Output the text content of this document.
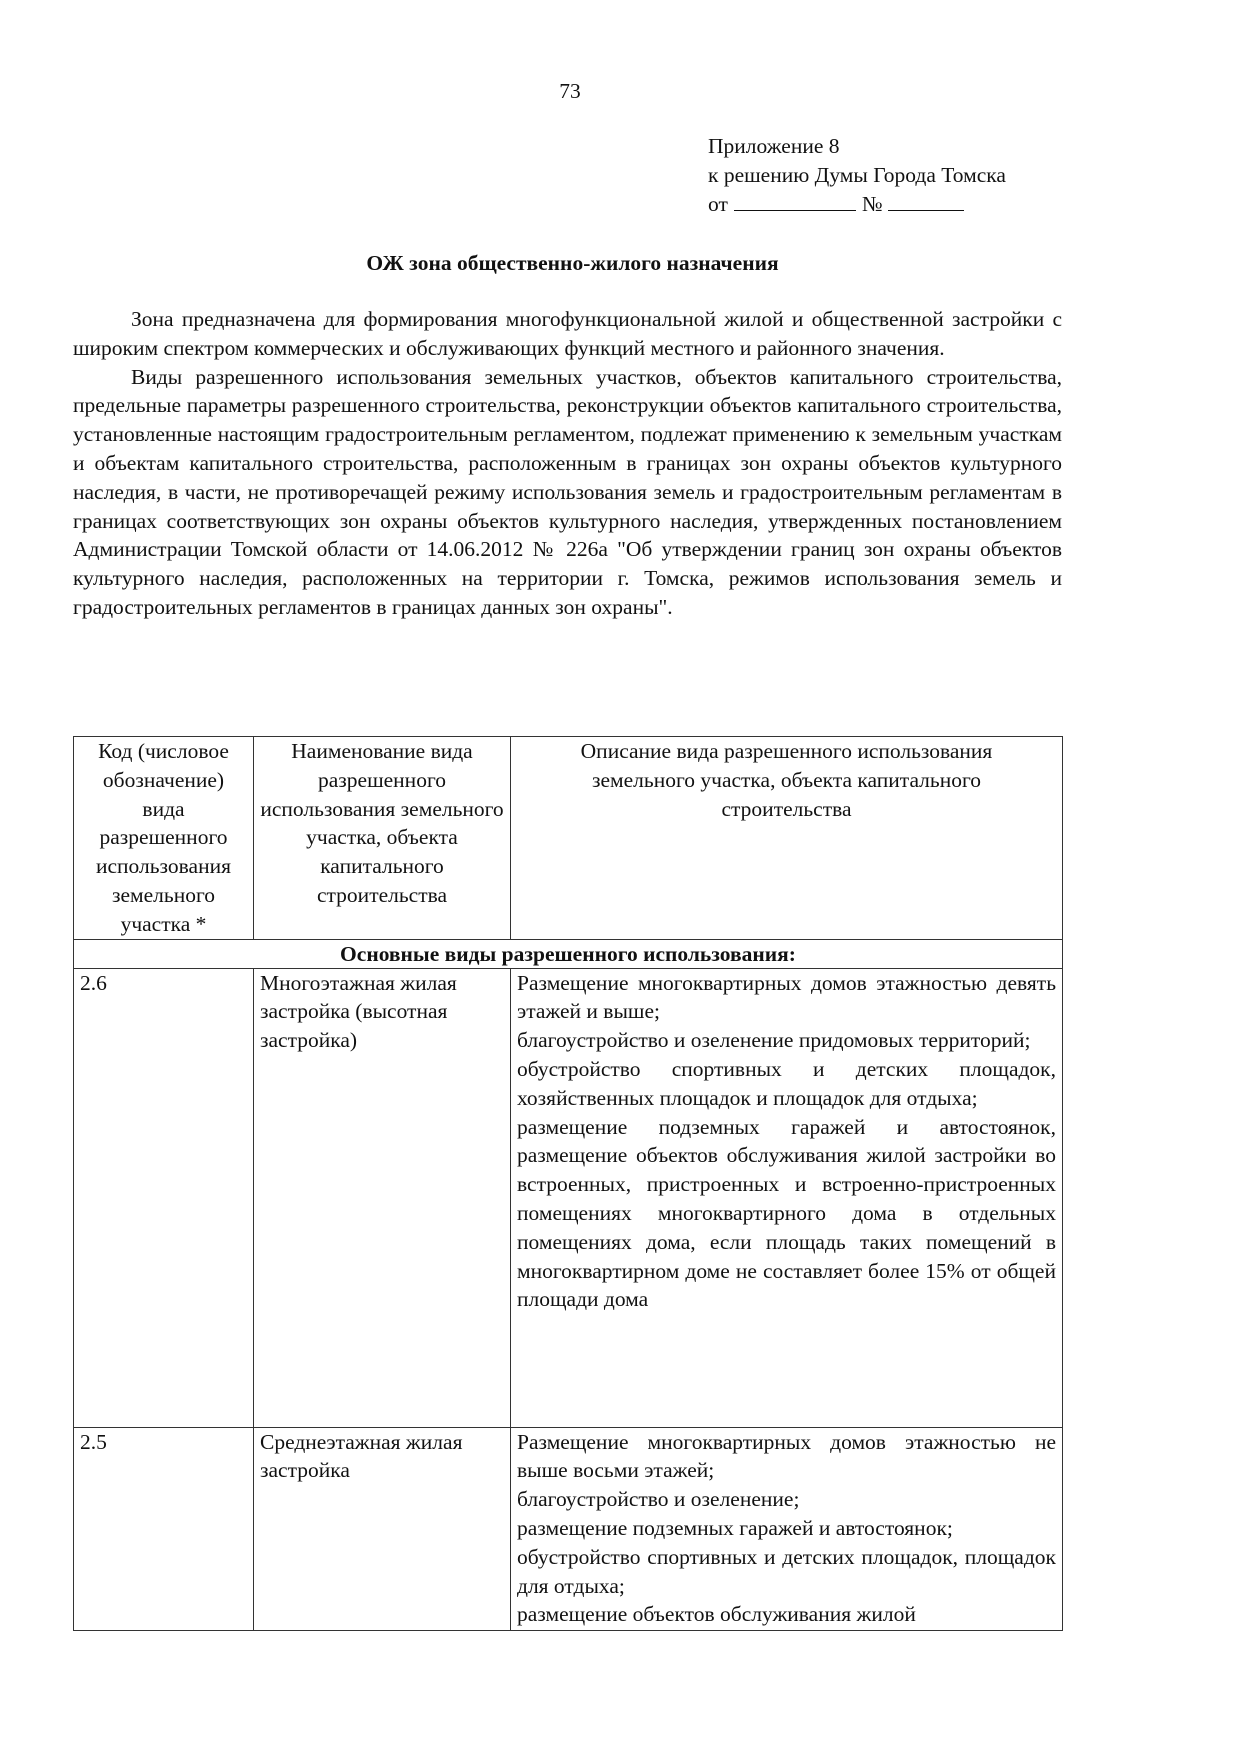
73
Приложение 8
к решению Думы Города Томска
от	№
ОЖ зона общественно-жилого назначения

Зона предназначена для формирования многофункциональной жилой и общественной застройки с широким спектром коммерческих и обслуживающих функций местного и районного значения.

Виды разрешенного использования земельных участков, объектов капитального строительства, предельные параметры разрешенного строительства, реконструкции объектов капитального строительства, установленные настоящим градостроительным регламентом, подлежат применению к земельным участкам и объектам капитального строительства, расположенным в границах зон охраны объектов культурного наследия, в части, не противоречащей режиму использования земель и градостроительным регламентам в границах соответствующих зон охраны объектов культурного наследия, утвержденных постановлением Администрации Томской области от 14.06.2012 № 226а "Об утверждении границ зон охраны объектов культурного наследия, расположенных на территории г. Томска, режимов использования земель и градостроительных регламентов в границах данных зон охраны".

Код (числовое обозначение) вида разрешенного использования земельного участка *	Наименование вида разрешенного использования земельного участка, объекта капитального строительства	Описание вида разрешенного использования земельного участка, объекта капитального строительства

Основные виды разрешенного использования:		
2.6	Многоэтажная жилая застройка (высотная застройка)	Размещение многоквартирных домов этажностью девять этажей и выше;
благоустройство и озеленение придомовых территорий;
обустройство спортивных и детских площадок, хозяйственных площадок и площадок для отдыха;
размещение подземных гаражей и автостоянок, размещение объектов обслуживания жилой застройки во встроенных, пристроенных и встроенно-пристроенных помещениях многоквартирного дома в отдельных помещениях дома, если площадь таких помещений в многоквартирном доме не составляет более 15% от общей площади дома

2.5	Среднеэтажная жилая застройка	Размещение многоквартирных домов этажностью не выше восьми этажей;
благоустройство и озеленение;
размещение подземных гаражей и автостоянок;
обустройство спортивных и детских площадок, площадок для отдыха;
размещение объектов обслуживания жилой
